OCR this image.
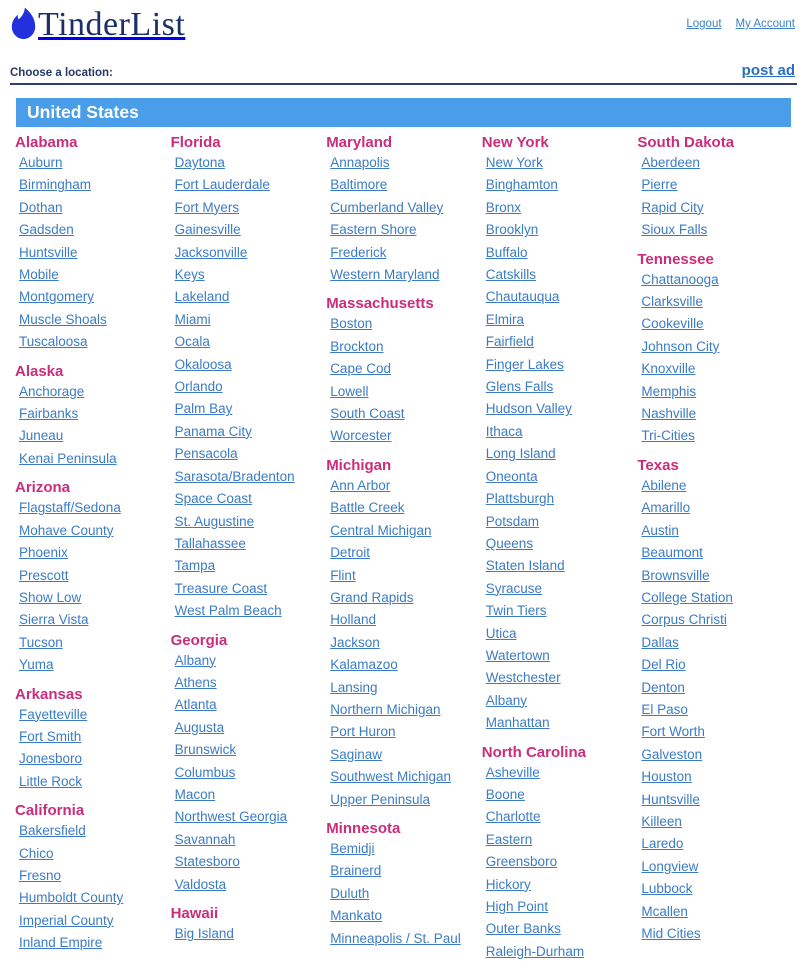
TinderList	Logout My Account
Choose a location:	post ad
United States
Alabama
Auburn
Birmingham
Dothan
Gadsden
Huntsville
Mobile
Montgomery
Muscle Shoals
Tuscaloosa
Alaska
Anchorage
Fairbanks
Juneau
Kenai Peninsula
Arizona
Flagstaff/Sedona
Mohave County
Phoenix
Prescott
Show Low
Sierra Vista
Tucson
Yuma
Arkansas
Fayetteville
Fort Smith
Jonesboro
Little Rock
California
Bakersfield
Chico
Fresno
Humboldt County
Imperial County
Inland Empire
Florida
Daytona
Fort Lauderdale
Fort Myers
Gainesville
Jacksonville
Keys
Lakeland
Miami
Ocala
Okaloosa
Orlando
Palm Bay
Panama City
Pensacola
Sarasota/Bradenton
Space Coast
St. Augustine
Tallahassee
Tampa
Treasure Coast
West Palm Beach
Georgia
Albany
Athens
Atlanta
Augusta
Brunswick
Columbus
Macon
Northwest Georgia
Savannah
Statesboro
Valdosta
Hawaii
Big Island
Maryland
Annapolis
Baltimore
Cumberland Valley
Eastern Shore
Frederick
Western Maryland
Massachusetts
Boston
Brockton
Cape Cod
Lowell
South Coast
Worcester
Michigan
Ann Arbor
Battle Creek
Central Michigan
Detroit
Flint
Grand Rapids
Holland
Jackson
Kalamazoo
Lansing
Northern Michigan
Port Huron
Saginaw
Southwest Michigan
Upper Peninsula
Minnesota
Bemidji
Brainerd
Duluth
Mankato
Minneapolis / St. Paul
New York
New York
Binghamton
Bronx
Brooklyn
Buffalo
Catskills
Chautauqua
Elmira
Fairfield
Finger Lakes
Glens Falls
Hudson Valley
Ithaca
Long Island
Oneonta
Plattsburgh
Potsdam
Queens
Staten Island
Syracuse
Twin Tiers
Utica
Watertown
Westchester
Albany
Manhattan
North Carolina
Asheville
Boone
Charlotte
Eastern
Greensboro
Hickory
High Point
Outer Banks
Raleigh-Durham
South Dakota
Aberdeen
Pierre
Rapid City
Sioux Falls
Tennessee
Chattanooga
Clarksville
Cookeville
Johnson City
Knoxville
Memphis
Nashville
Tri-Cities
Texas
Abilene
Amarillo
Austin
Beaumont
Brownsville
College Station
Corpus Christi
Dallas
Del Rio
Denton
El Paso
Fort Worth
Galveston
Houston
Huntsville
Killeen
Laredo
Longview
Lubbock
Mcallen
Mid Cities
